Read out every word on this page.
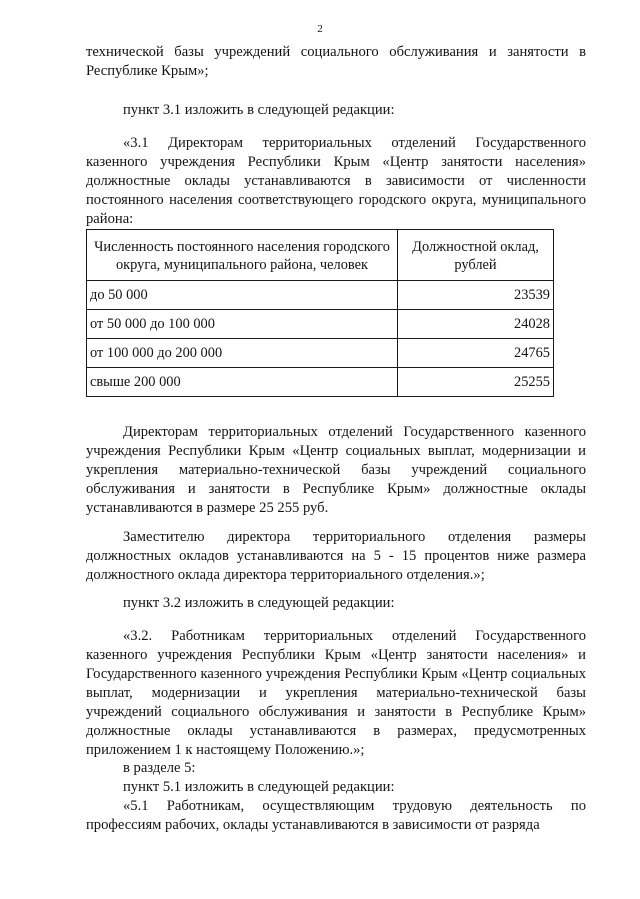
2

технической базы учреждений социального обслуживания и занятости в Республике Крым»;

пункт 3.1 изложить в следующей редакции:

«3.1 Директорам территориальных отделений Государственного казенного учреждения Республики Крым «Центр занятости населения» должностные оклады устанавливаются в зависимости от численности постоянного населения соответствующего городского округа, муниципального района:

Численность постоянного населения городского округа, муниципального района, человек	Должностной оклад, рублей
до 50 000	23539
от 50 000 до 100 000	24028
от 100 000 до 200 000	24765
свыше 200 000	25255

Директорам территориальных отделений Государственного казенного учреждения Республики Крым «Центр социальных выплат, модернизации и укрепления материально-технической базы учреждений социального обслуживания и занятости в Республике Крым» должностные оклады устанавливаются в размере 25 255 руб.

Заместителю директора территориального отделения размеры должностных окладов устанавливаются на 5 - 15 процентов ниже размера должностного оклада директора территориального отделения.»;

пункт 3.2 изложить в следующей редакции:

«3.2. Работникам территориальных отделений Государственного казенного учреждения Республики Крым «Центр занятости населения» и Государственного казенного учреждения Республики Крым «Центр социальных выплат, модернизации и укрепления материально-технической базы учреждений социального обслуживания и занятости в Республике Крым» должностные оклады устанавливаются в размерах, предусмотренных приложением 1 к настоящему Положению.»;

в разделе 5:

пункт 5.1 изложить в следующей редакции:

«5.1 Работникам, осуществляющим трудовую деятельность по профессиям рабочих, оклады устанавливаются в зависимости от разряда
